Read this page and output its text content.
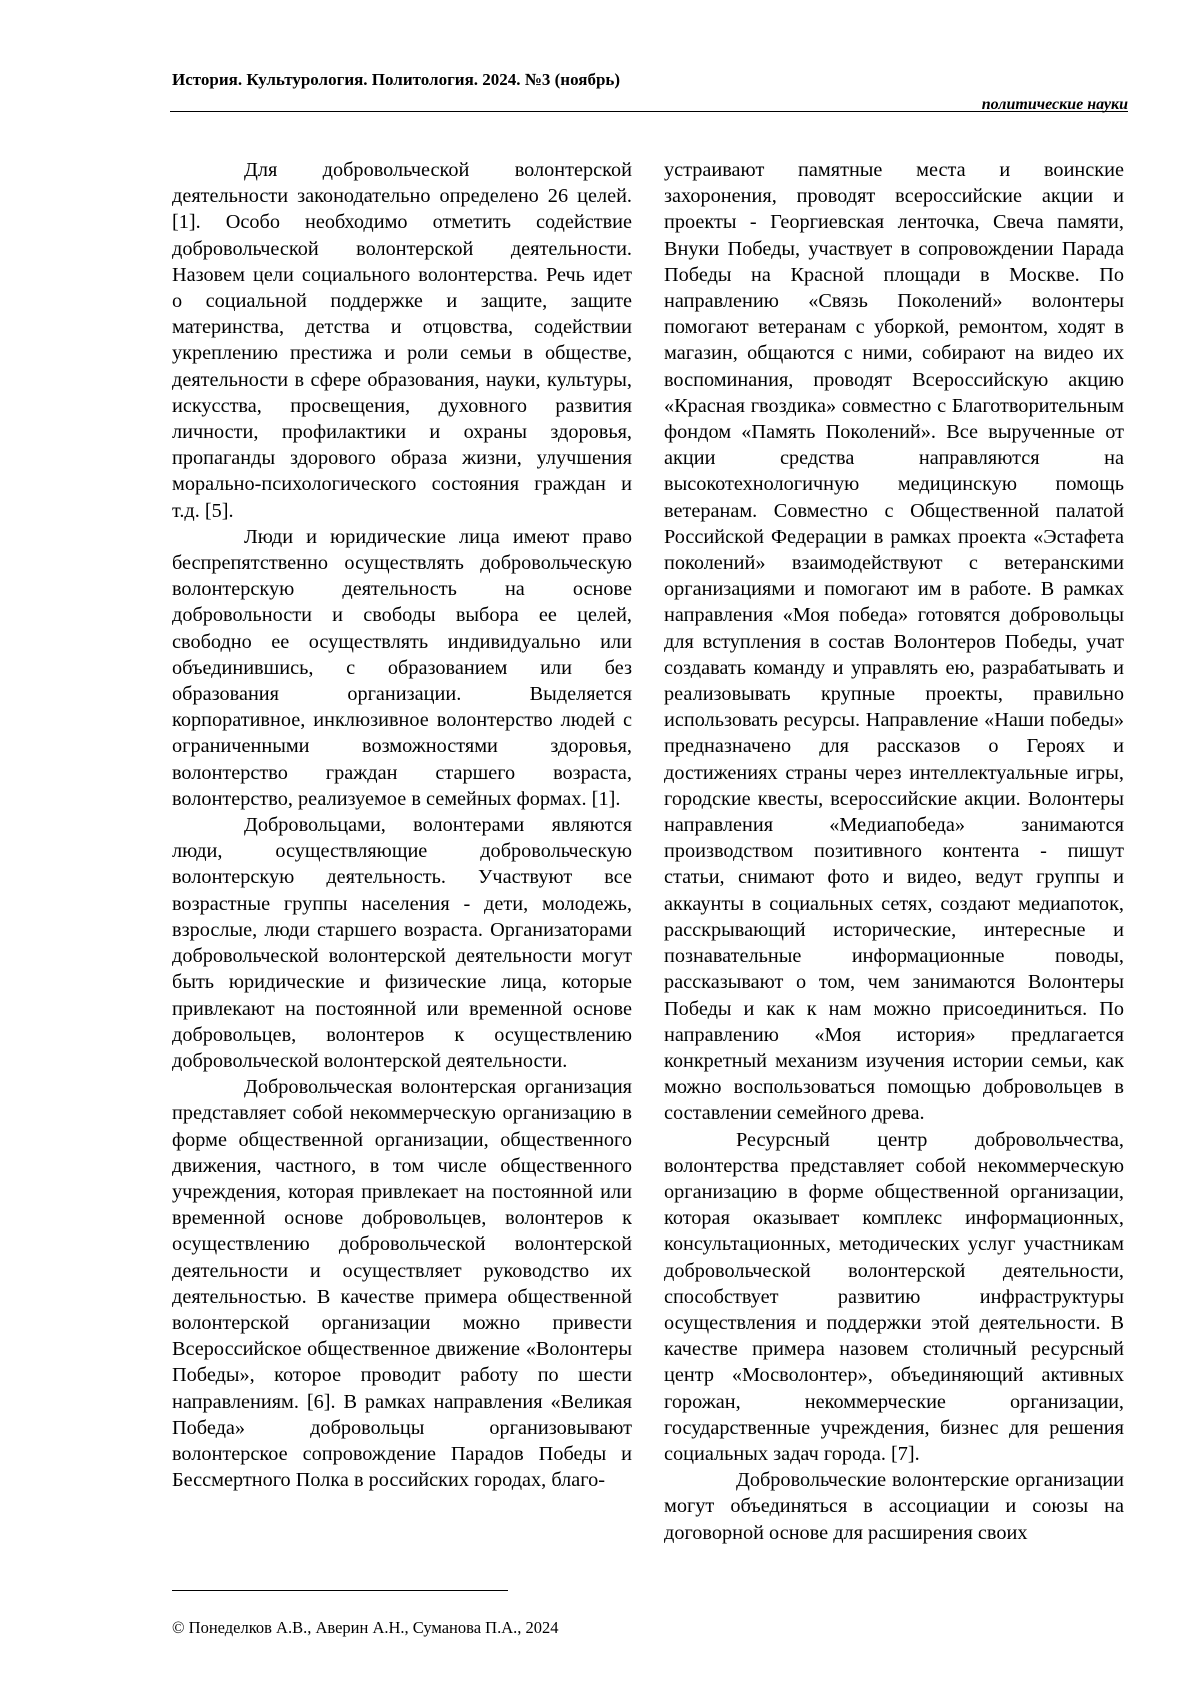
История. Культурология. Политология. 2024. №3 (ноябрь)
политические науки

Для добровольческой волонтерской деятельности законодательно определено 26 целей. [1]. Особо необходимо отметить содействие добровольческой волонтерской деятельности. Назовем цели социального волонтерства. Речь идет о социальной поддержке и защите, защите материнства, детства и отцовства, содействии укреплению престижа и роли семьи в обществе, деятельности в сфере образования, науки, культуры, искусства, просвещения, духовного развития личности, профилактики и охраны здоровья, пропаганды здорового образа жизни, улучшения морально-психологического состояния граждан и т.д. [5].

Люди и юридические лица имеют право беспрепятственно осуществлять добровольческую волонтерскую деятельность на основе добровольности и свободы выбора ее целей, свободно ее осуществлять индивидуально или объединившись, с образованием или без образования организации. Выделяется корпоративное, инклюзивное волонтерство людей с ограниченными возможностями здоровья, волонтерство граждан старшего возраста, волонтерство, реализуемое в семейных формах. [1].

Добровольцами, волонтерами являются люди, осуществляющие добровольческую волонтерскую деятельность. Участвуют все возрастные группы населения - дети, молодежь, взрослые, люди старшего возраста. Организаторами добровольческой волонтерской деятельности могут быть юридические и физические лица, которые привлекают на постоянной или временной основе добровольцев, волонтеров к осуществлению добровольческой волонтерской деятельности.

Добровольческая волонтерская организация представляет собой некоммерческую организацию в форме общественной организации, общественного движения, частного, в том числе общественного учреждения, которая привлекает на постоянной или временной основе добровольцев, волонтеров к осуществлению добровольческой волонтерской деятельности и осуществляет руководство их деятельностью. В качестве примера общественной волонтерской организации можно привести Всероссийское общественное движение «Волонтеры Победы», которое проводит работу по шести направлениям. [6]. В рамках направления «Великая Победа» добровольцы организовывают волонтерское сопровождение Парадов Победы и Бессмертного Полка в российских городах, благо-

устраивают памятные места и воинские захоронения, проводят всероссийские акции и проекты - Георгиевская ленточка, Свеча памяти, Внуки Победы, участвует в сопровождении Парада Победы на Красной площади в Москве. По направлению «Связь Поколений» волонтеры помогают ветеранам с уборкой, ремонтом, ходят в магазин, общаются с ними, собирают на видео их воспоминания, проводят Всероссийскую акцию «Красная гвоздика» совместно с Благотворительным фондом «Память Поколений». Все вырученные от акции средства направляются на высокотехнологичную медицинскую помощь ветеранам. Совместно с Общественной палатой Российской Федерации в рамках проекта «Эстафета поколений» взаимодействуют с ветеранскими организациями и помогают им в работе. В рамках направления «Моя победа» готовятся добровольцы для вступления в состав Волонтеров Победы, учат создавать команду и управлять ею, разрабатывать и реализовывать крупные проекты, правильно использовать ресурсы. Направление «Наши победы» предназначено для рассказов о Героях и достижениях страны через интеллектуальные игры, городские квесты, всероссийские акции. Волонтеры направления «Медиапобеда» занимаются производством позитивного контента - пишут статьи, снимают фото и видео, ведут группы и аккаунты в социальных сетях, создают медиапоток, расскрывающий исторические, интересные и познавательные информационные поводы, рассказывают о том, чем занимаются Волонтеры Победы и как к нам можно присоединиться. По направлению «Моя история» предлагается конкретный механизм изучения истории семьи, как можно воспользоваться помощью добровольцев в составлении семейного древа.

Ресурсный центр добровольчества, волонтерства представляет собой некоммерческую организацию в форме общественной организации, которая оказывает комплекс информационных, консультационных, методических услуг участникам добровольческой волонтерской деятельности, способствует развитию инфраструктуры осуществления и поддержки этой деятельности. В качестве примера назовем столичный ресурсный центр «Мосволонтер», объединяющий активных горожан, некоммерческие организации, государственные учреждения, бизнес для решения социальных задач города. [7].

Добровольческие волонтерские организации могут объединяться в ассоциации и союзы на договорной основе для расширения своих

© Понеделков А.В., Аверин А.Н., Суманова П.А., 2024
